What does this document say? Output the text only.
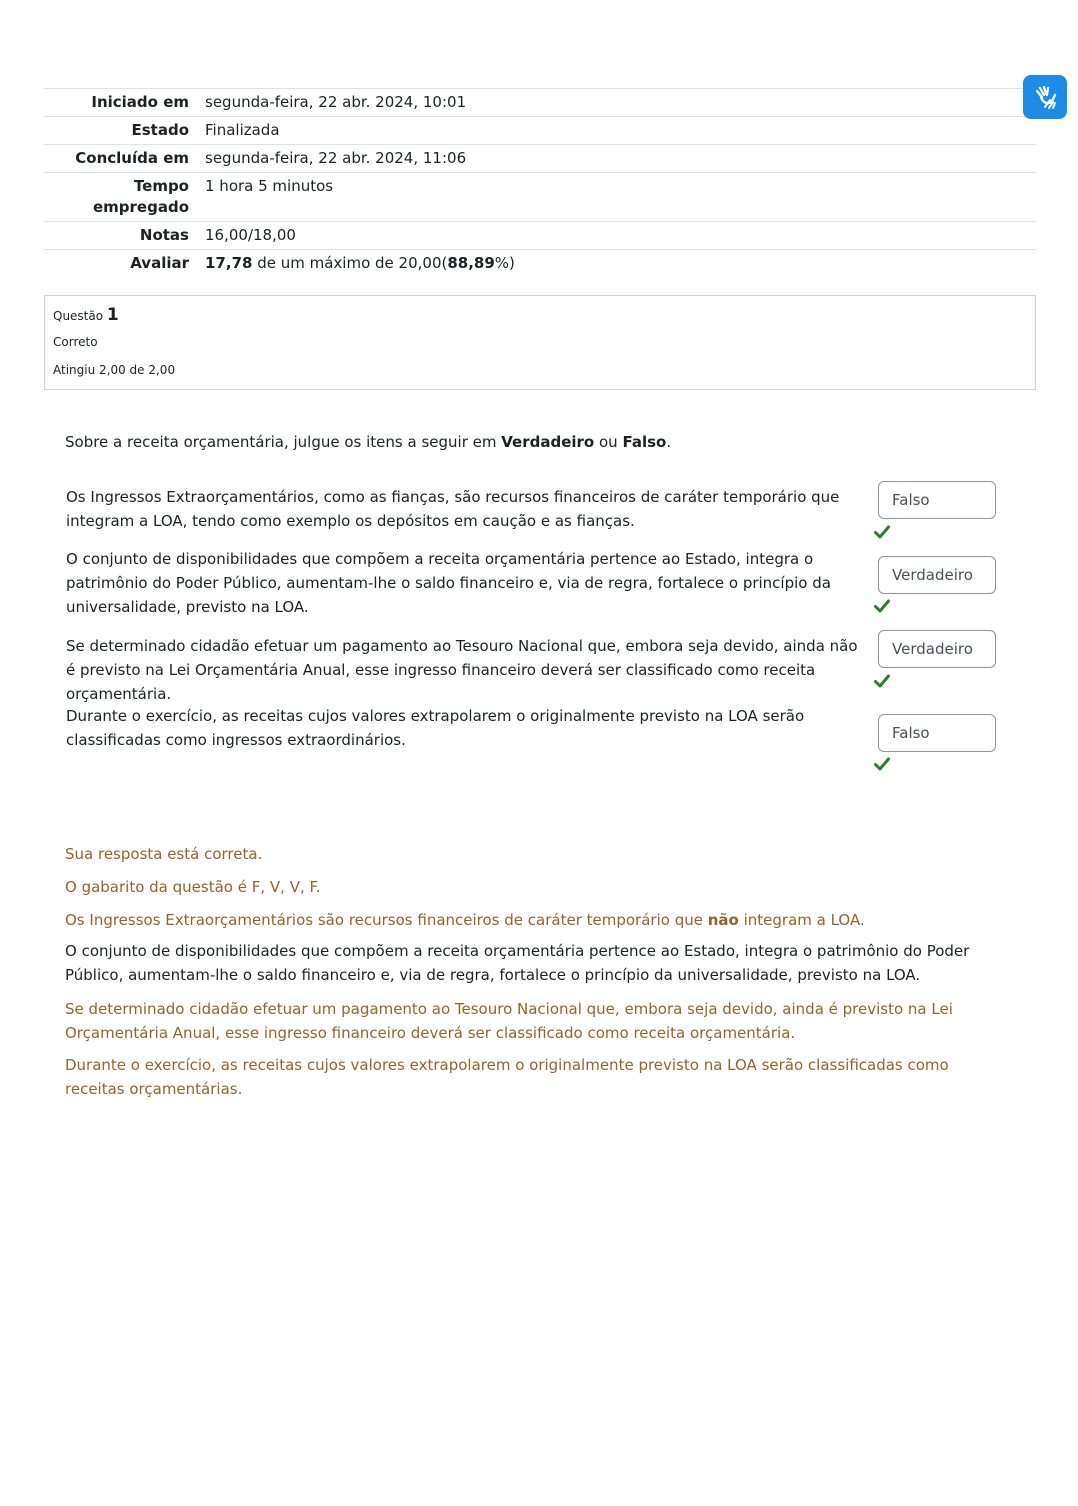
Iniciado em	segunda-feira, 22 abr. 2024, 10:01
Estado	Finalizada
Concluída em	segunda-feira, 22 abr. 2024, 11:06
Tempo empregado	1 hora 5 minutos
Notas	16,00/18,00
Avaliar	17,78 de um máximo de 20,00(88,89%)
Questão 1
Correto
Atingiu 2,00 de 2,00
Sobre a receita orçamentária, julgue os itens a seguir em Verdadeiro ou Falso.
Os Ingressos Extraorçamentários, como as fianças, são recursos financeiros de caráter temporário que integram a LOA, tendo como exemplo os depósitos em caução e as fianças.
Falso
O conjunto de disponibilidades que compõem a receita orçamentária pertence ao Estado, integra o patrimônio do Poder Público, aumentam-lhe o saldo financeiro e, via de regra, fortalece o princípio da universalidade, previsto na LOA.
Verdadeiro
Se determinado cidadão efetuar um pagamento ao Tesouro Nacional que, embora seja devido, ainda não é previsto na Lei Orçamentária Anual, esse ingresso financeiro deverá ser classificado como receita orçamentária.
Verdadeiro
Durante o exercício, as receitas cujos valores extrapolarem o originalmente previsto na LOA serão classificadas como ingressos extraordinários.	Falso

Sua resposta está correta.

O gabarito da questão é F, V, V, F.

Os Ingressos Extraorçamentários são recursos financeiros de caráter temporário que não integram a LOA.

O conjunto de disponibilidades que compõem a receita orçamentária pertence ao Estado, integra o patrimônio do Poder Público, aumentam-lhe o saldo financeiro e, via de regra, fortalece o princípio da universalidade, previsto na LOA.

Se determinado cidadão efetuar um pagamento ao Tesouro Nacional que, embora seja devido, ainda é previsto na Lei Orçamentária Anual, esse ingresso financeiro deverá ser classificado como receita orçamentária.

Durante o exercício, as receitas cujos valores extrapolarem o originalmente previsto na LOA serão classificadas como receitas orçamentárias.
